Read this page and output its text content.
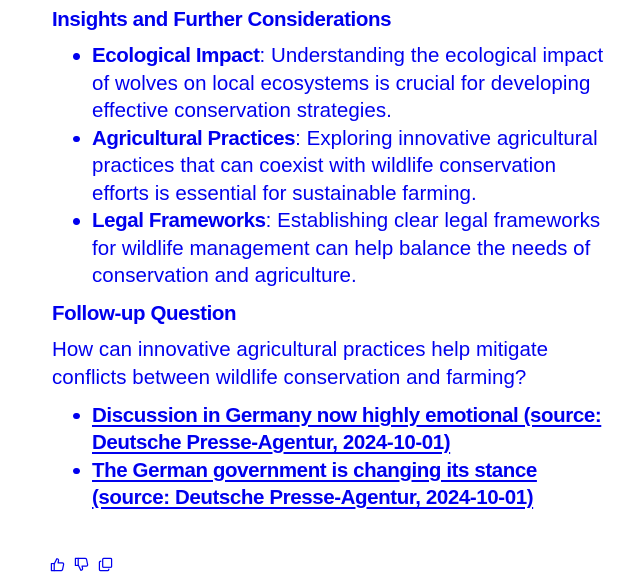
Insights and Further Considerations
Ecological Impact: Understanding the ecological impact of wolves on local ecosystems is crucial for developing effective conservation strategies.
Agricultural Practices: Exploring innovative agricultural practices that can coexist with wildlife conservation efforts is essential for sustainable farming.
Legal Frameworks: Establishing clear legal frameworks for wildlife management can help balance the needs of conservation and agriculture.
Follow-up Question

How can innovative agricultural practices help mitigate conflicts between wildlife conservation and farming?

Discussion in Germany now highly emotional (source: Deutsche Presse-Agentur, 2024-10-01)
The German government is changing its stance (source: Deutsche Presse-Agentur, 2024-10-01)
